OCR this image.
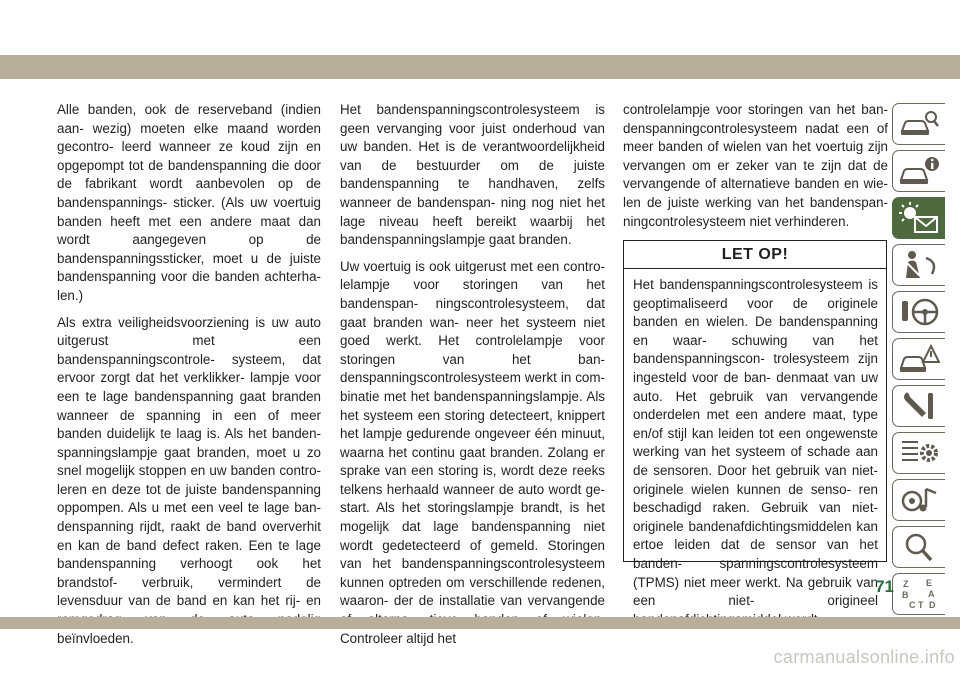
Alle banden, ook de reserveband (indien aan- wezig) moeten elke maand worden gecontro- leerd wanneer ze koud zijn en opgepompt tot de bandenspanning die door de fabrikant wordt aanbevolen op de bandenspannings- sticker. (Als uw voertuig banden heeft met een andere maat dan wordt aangegeven op de bandenspanningssticker, moet u de juiste bandenspanning voor die banden achterha- len.)

Als extra veiligheidsvoorziening is uw auto uitgerust met een bandenspanningscontrole- systeem, dat ervoor zorgt dat het verklikker- lampje voor een te lage bandenspanning gaat branden wanneer de spanning in een of meer banden duidelijk te laag is. Als het banden- spanningslampje gaat branden, moet u zo snel mogelijk stoppen en uw banden contro- leren en deze tot de juiste bandenspanning oppompen. Als u met een veel te lage ban- denspanning rijdt, raakt de band oververhit en kan de band defect raken. Een te lage bandenspanning verhoogt ook het brandstof- verbruik, vermindert de levensduur van de band en kan het rij- en beïnvloeden.

Het bandenspanningscontrolesysteem is geen vervanging voor juist onderhoud van uw banden. Het is de verantwoordelijkheid van de bestuurder om de juiste bandenspanning te handhaven, zelfs wanneer de bandenspan- ning nog niet het lage niveau heeft bereikt waarbij het bandenspanningslampje gaat branden.

Uw voertuig is ook uitgerust met een contro- lelampje voor storingen van het bandenspan- ningscontrolesysteem, dat gaat branden wan- neer het systeem niet goed werkt. Het controlelampje voor storingen van het ban- denspanningscontrolesysteem werkt in com- binatie met het bandenspanningslampje. Als het systeem een storing detecteert, knippert het lampje gedurende ongeveer één minuut, waarna het continu gaat branden. Zolang er sprake van een storing is, wordt deze reeks telkens herhaald wanneer de auto wordt ge- start. Als het storingslampje brandt, is het mogelijk dat lage bandenspanning niet wordt gedetecteerd of gemeld. Storingen van het bandenspanningscontrolesysteem kunnen optreden om verschillende redenen, waaron- der de installatie van vervangende Controleer altijd het

controlelampje voor storingen van het ban- denspanningcontrolesysteem nadat een of meer banden of wielen van het voertuig zijn vervangen om er zeker van te zijn dat de vervangende of alternatieve banden en wie- len de juiste werking van het bandenspan- ningcontrolesysteem niet verhinderen.

LET OP!
Het bandenspanningscontrolesysteem is geoptimaliseerd voor de originele banden en wielen. De bandenspanning en waar- schuwing van het bandenspanningscon- trolesysteem zijn ingesteld voor de ban- denmaat van uw auto. Het gebruik van vervangende onderdelen met een andere maat, type en/of stijl kan leiden tot een ongewenste werking van het systeem of schade aan de sensoren. Door het gebruik van niet-originele wielen kunnen de senso- ren beschadigd raken. Gebruik van niet- originele bandenafdichtingsmiddelen kan ertoe leiden dat de sensor van het banden- spanningscontrolesysteem (TPMS) niet meer werkt. Na gebruik van een niet- origineel
Z E
B A
C D
T
71
carmanualsonline.info
